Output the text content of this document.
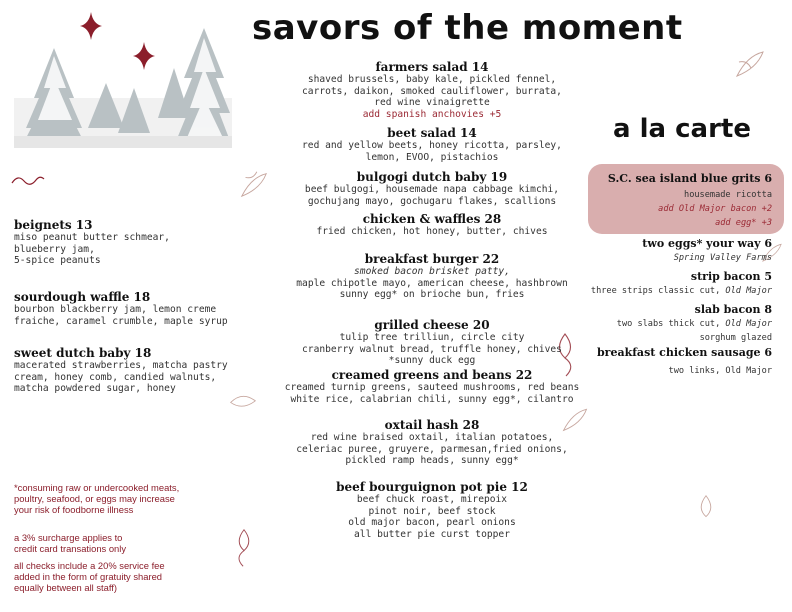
savors of the moment
a la carte
farmers salad 14
shaved brussels, baby kale, pickled fennel,
carrots, daikon, smoked cauliflower, burrata,
red wine vinaigrette
add spanish anchovies +5
beet salad 14
red and yellow beets, honey ricotta, parsley,
lemon, EVOO, pistachios
bulgogi dutch baby 19
beef bulgogi, housemade napa cabbage kimchi,
gochujang mayo, gochugaru flakes, scallions
chicken & waffles 28
fried chicken, hot honey, butter, chives
breakfast burger 22
smoked bacon brisket patty,
maple chipotle mayo, american cheese, hashbrown
sunny egg* on brioche bun, fries
grilled cheese 20
tulip tree trilliun, circle city
cranberry walnut bread, truffle honey, chives
*sunny duck egg
creamed greens and beans 22
creamed turnip greens, sauteed mushrooms, red beans
white rice, calabrian chili, sunny egg*, cilantro
oxtail hash 28
red wine braised oxtail, italian potatoes,
celeriac puree, gruyere, parmesan,fried onions,
pickled ramp heads, sunny egg*
beef bourguignon pot pie 12
beef chuck roast, mirepoix
pinot noir, beef stock
old major bacon, pearl onions
all butter pie curst topper
beignets 13
miso peanut butter schmear,
blueberry jam,
5-spice peanuts
sourdough waffle 18
bourbon blackberry jam, lemon creme
fraiche, caramel crumble, maple syrup
sweet dutch baby 18
macerated strawberries, matcha pastry
cream, honey comb, candied walnuts,
matcha powdered sugar, honey
S.C. sea island blue grits 6
housemade ricotta
add Old Major bacon +2
add egg* +3
two eggs* your way 6
Spring Valley Farms
strip bacon 5
three strips classic cut, Old Major
slab bacon 8
two slabs thick cut, Old Major
sorghum glazed
breakfast chicken sausage 6
two links, Old Major
*consuming raw or undercooked meats,
poultry, seafood, or eggs may increase
your risk of foodborne illness
a 3% surcharge applies to
credit card transations only
all checks include a 20% service fee
added in the form of gratuity shared
equally between all staff)
